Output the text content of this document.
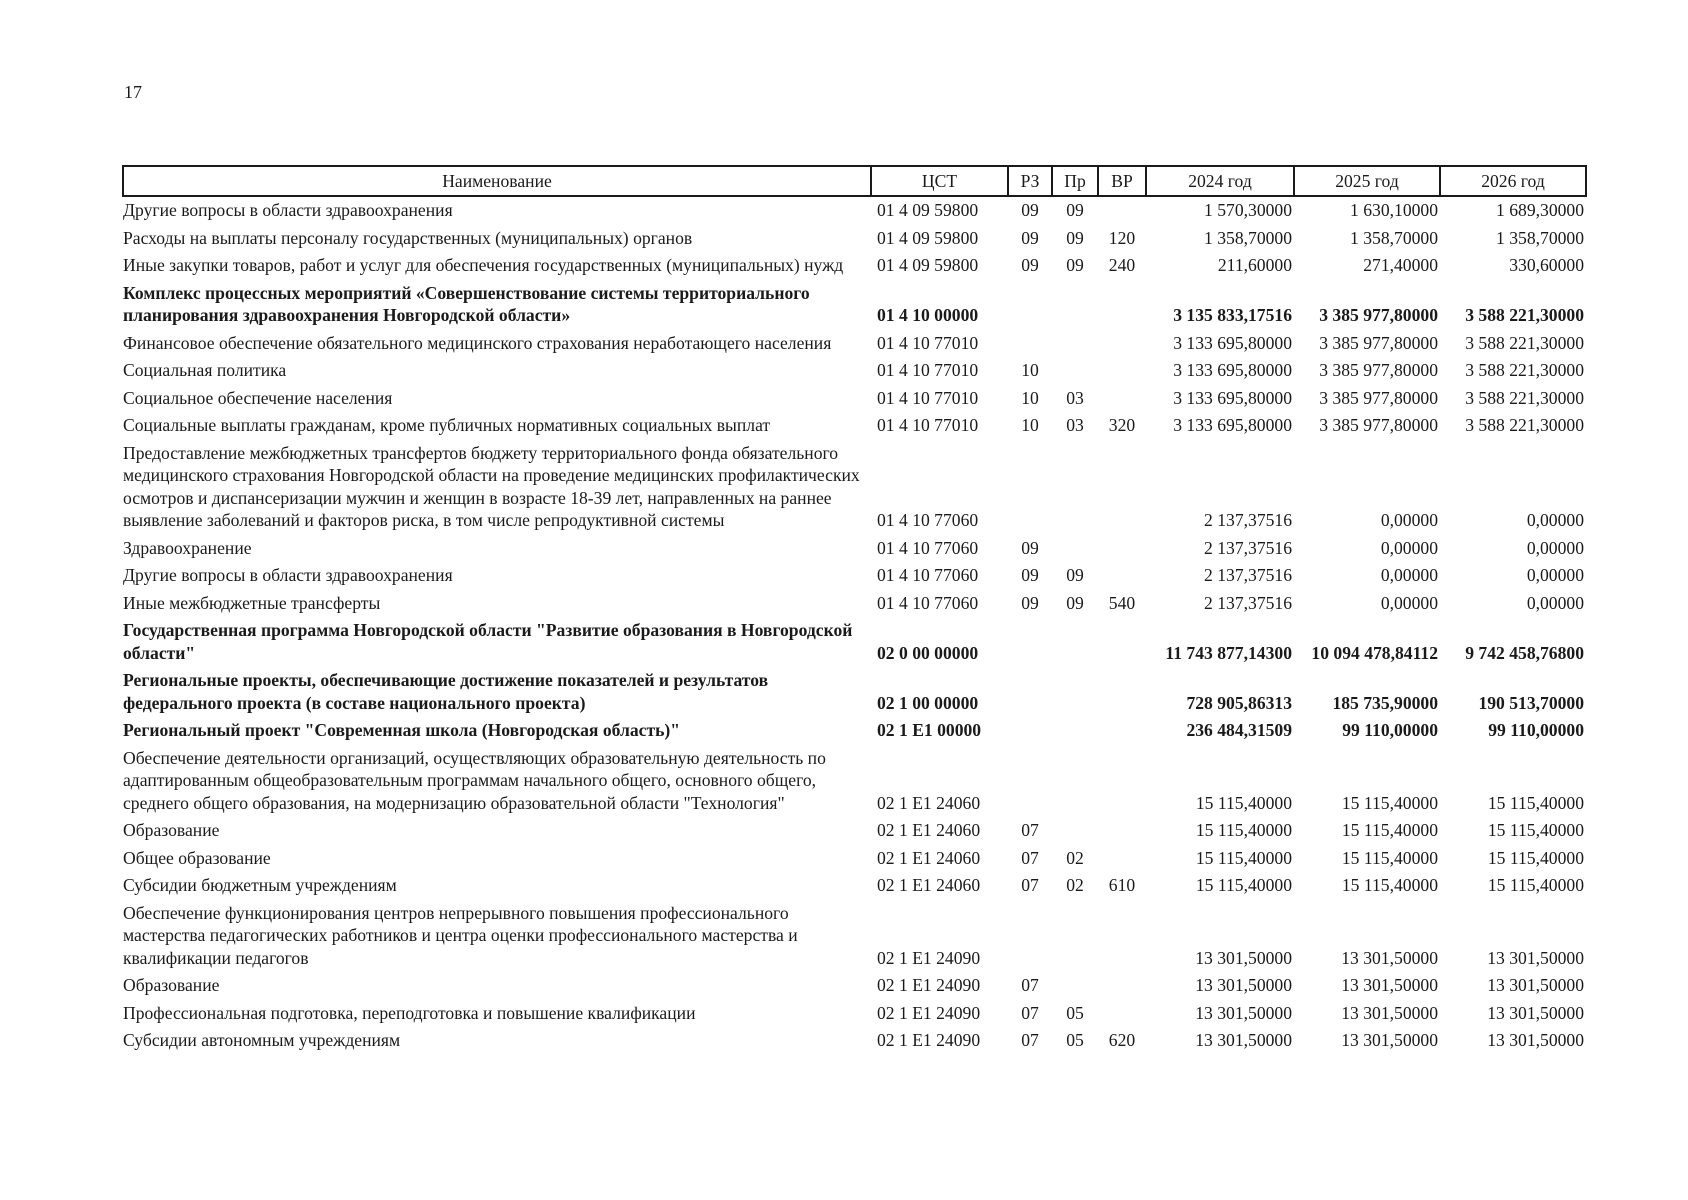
17
Наименование	ЦСТ	РЗ	Пр	ВР	2024 год	2025 год	2026 год
Другие вопросы в области здравоохранения	01 4 09 59800	09	09		1 570,30000	1 630,10000	1 689,30000
Расходы на выплаты персоналу государственных (муниципальных) органов	01 4 09 59800	09	09	120	1 358,70000	1 358,70000	1 358,70000
Иные закупки товаров, работ и услуг для обеспечения государственных (муниципальных) нужд	01 4 09 59800	09	09	240	211,60000	271,40000	330,60000
Комплекс процессных мероприятий «Совершенствование системы территориального планирования здравоохранения Новгородской области»	01 4 10 00000				3 135 833,17516	3 385 977,80000	3 588 221,30000
Финансовое обеспечение обязательного медицинского страхования неработающего населения	01 4 10 77010				3 133 695,80000	3 385 977,80000	3 588 221,30000
Социальная политика	01 4 10 77010	10			3 133 695,80000	3 385 977,80000	3 588 221,30000
Социальное обеспечение населения	01 4 10 77010	10	03		3 133 695,80000	3 385 977,80000	3 588 221,30000
Социальные выплаты гражданам, кроме публичных нормативных социальных выплат	01 4 10 77010	10	03	320	3 133 695,80000	3 385 977,80000	3 588 221,30000
Предоставление межбюджетных трансфертов бюджету территориального фонда обязательного медицинского страхования Новгородской области на проведение медицинских профилактических осмотров и диспансеризации мужчин и женщин в возрасте 18-39 лет, направленных на раннее выявление заболеваний и факторов риска, в том числе репродуктивной системы	01 4 10 77060				2 137,37516	0,00000	0,00000
Здравоохранение	01 4 10 77060	09			2 137,37516	0,00000	0,00000
Другие вопросы в области здравоохранения	01 4 10 77060	09	09		2 137,37516	0,00000	0,00000
Иные межбюджетные трансферты	01 4 10 77060	09	09	540	2 137,37516	0,00000	0,00000
Государственная программа Новгородской области "Развитие образования в Новгородской области"	02 0 00 00000				11 743 877,14300	10 094 478,84112	9 742 458,76800
Региональные проекты, обеспечивающие достижение показателей и результатов федерального проекта (в составе национального проекта)	02 1 00 00000				728 905,86313	185 735,90000	190 513,70000
Региональный проект "Современная школа (Новгородская область)"	02 1 E1 00000				236 484,31509	99 110,00000	99 110,00000
Обеспечение деятельности организаций, осуществляющих образовательную деятельность по адаптированным общеобразовательным программам начального общего, основного общего, среднего общего образования, на модернизацию образовательной области "Технология"	02 1 E1 24060				15 115,40000	15 115,40000	15 115,40000
Образование	02 1 E1 24060	07			15 115,40000	15 115,40000	15 115,40000
Общее образование	02 1 E1 24060	07	02		15 115,40000	15 115,40000	15 115,40000
Субсидии бюджетным учреждениям	02 1 E1 24060	07	02	610	15 115,40000	15 115,40000	15 115,40000
Обеспечение функционирования центров непрерывного повышения профессионального мастерства педагогических работников и центра оценки профессионального мастерства и квалификации педагогов	02 1 E1 24090				13 301,50000	13 301,50000	13 301,50000
Образование	02 1 E1 24090	07			13 301,50000	13 301,50000	13 301,50000
Профессиональная подготовка, переподготовка и повышение квалификации	02 1 E1 24090	07	05		13 301,50000	13 301,50000	13 301,50000
Субсидии автономным учреждениям	02 1 E1 24090	07	05	620	13 301,50000	13 301,50000	13 301,50000
